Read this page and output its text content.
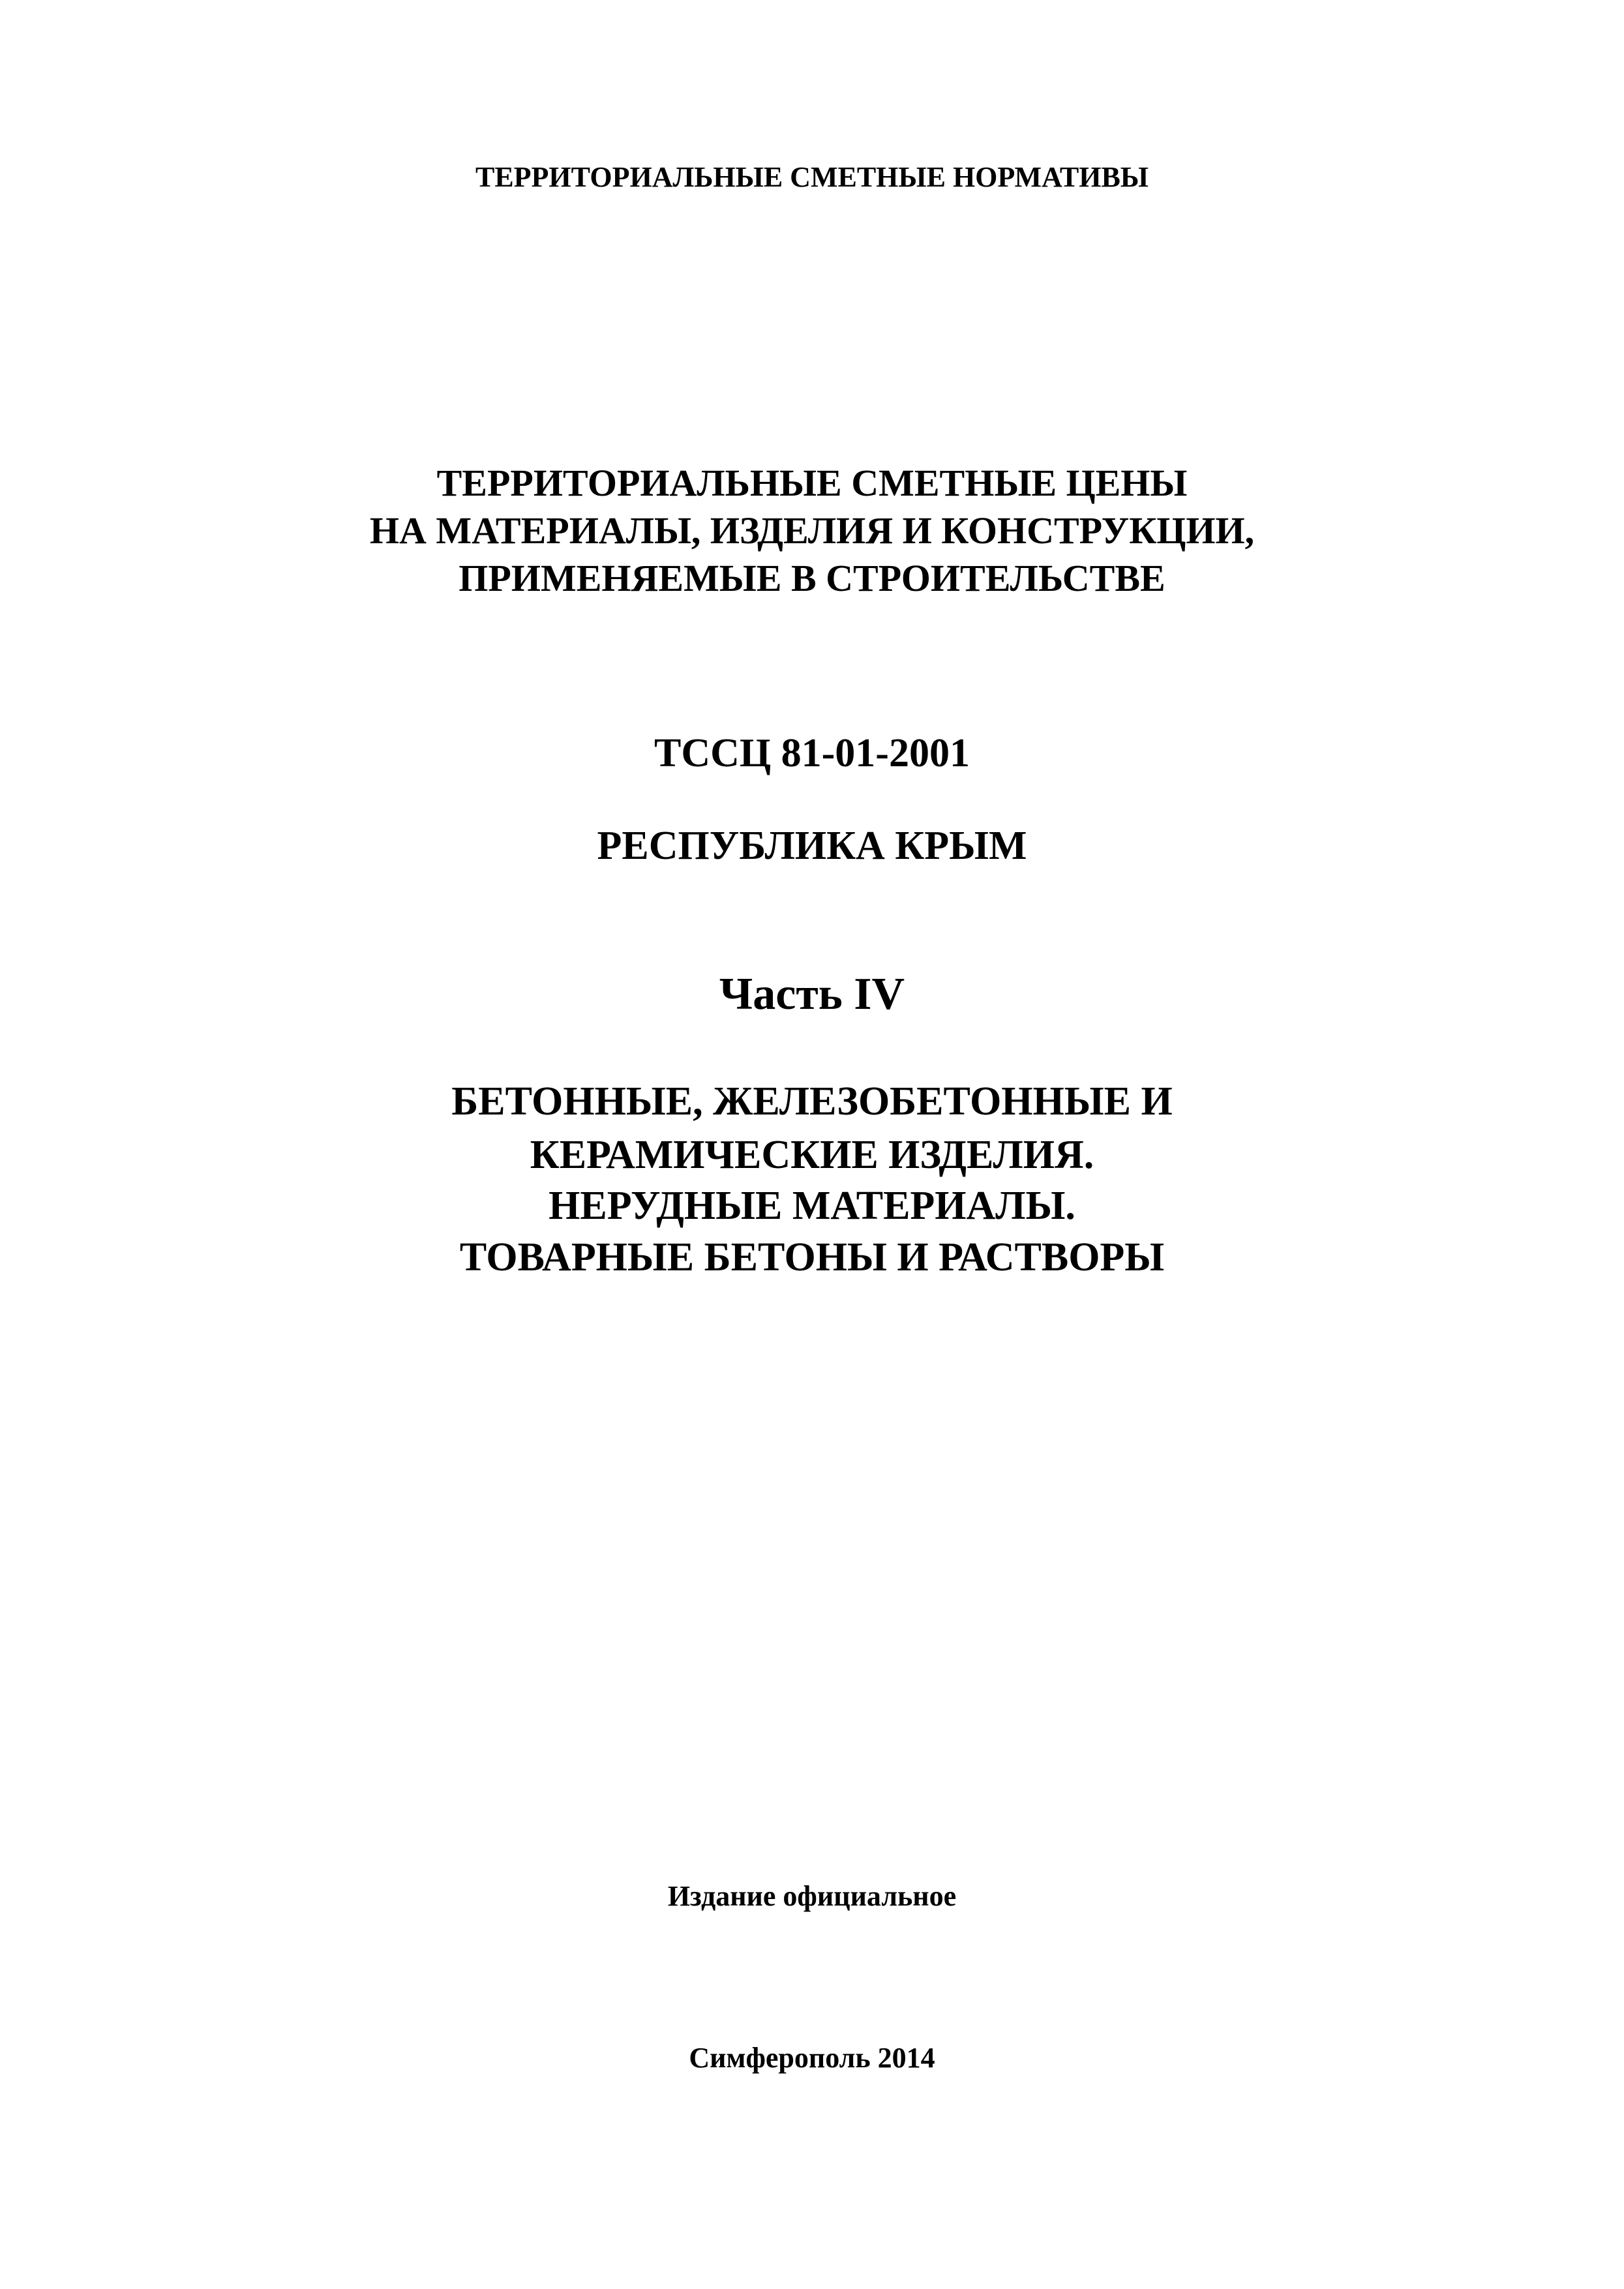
ТЕРРИТОРИАЛЬНЫЕ СМЕТНЫЕ НОРМАТИВЫ
ТЕРРИТОРИАЛЬНЫЕ СМЕТНЫЕ ЦЕНЫ
НА МАТЕРИАЛЫ, ИЗДЕЛИЯ И КОНСТРУКЦИИ,
ПРИМЕНЯЕМЫЕ В СТРОИТЕЛЬСТВЕ
ТССЦ 81-01-2001
РЕСПУБЛИКА КРЫМ
Часть IV
БЕТОННЫЕ, ЖЕЛЕЗОБЕТОННЫЕ И
КЕРАМИЧЕСКИЕ ИЗДЕЛИЯ.
НЕРУДНЫЕ МАТЕРИАЛЫ.
ТОВАРНЫЕ БЕТОНЫ И РАСТВОРЫ
Издание официальное
Симферополь 2014
